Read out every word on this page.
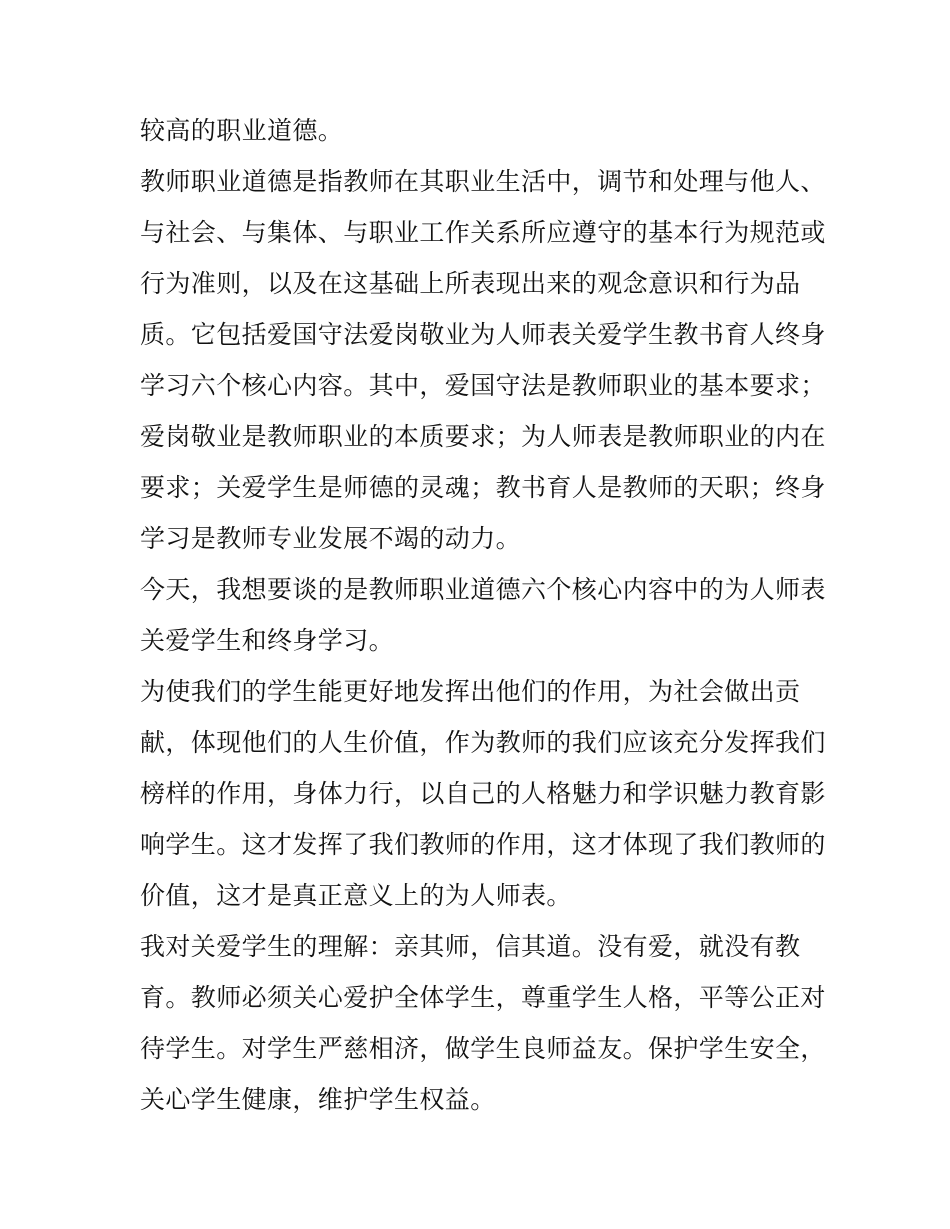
较高的职业道德。
教师职业道德是指教师在其职业生活中，调节和处理与他人、
与社会、与集体、与职业工作关系所应遵守的基本行为规范或
行为准则，以及在这基础上所表现出来的观念意识和行为品
质。它包括爱国守法爱岗敬业为人师表关爱学生教书育人终身
学习六个核心内容。其中，爱国守法是教师职业的基本要求；
爱岗敬业是教师职业的本质要求；为人师表是教师职业的内在
要求；关爱学生是师德的灵魂；教书育人是教师的天职；终身
学习是教师专业发展不竭的动力。
今天，我想要谈的是教师职业道德六个核心内容中的为人师表
关爱学生和终身学习。
为使我们的学生能更好地发挥出他们的作用，为社会做出贡
献，体现他们的人生价值，作为教师的我们应该充分发挥我们
榜样的作用，身体力行，以自己的人格魅力和学识魅力教育影
响学生。这才发挥了我们教师的作用，这才体现了我们教师的
价值，这才是真正意义上的为人师表。
我对关爱学生的理解：亲其师，信其道。没有爱，就没有教
育。教师必须关心爱护全体学生，尊重学生人格，平等公正对
待学生。对学生严慈相济，做学生良师益友。保护学生安全，
关心学生健康，维护学生权益。
